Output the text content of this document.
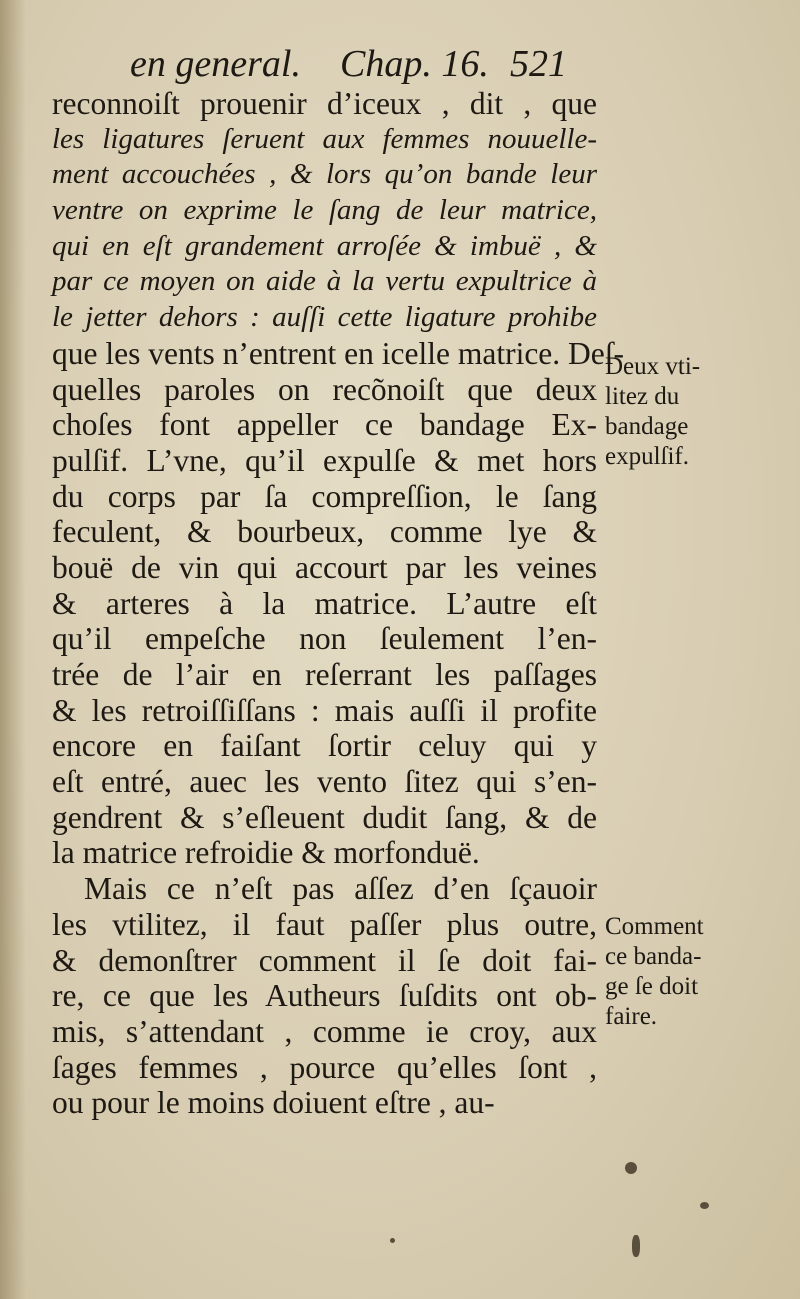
en general. Chap. 16. 521
reconnoiſt prouenir d’iceux , dit , que
les ligatures ſeruent aux femmes nouuelle-
ment accouchées , & lors qu’on bande leur
ventre on exprime le ſang de leur matrice,
qui en eſt grandement arroſée & imbuë , &
par ce moyen on aide à la vertu expultrice à
le jetter dehors : auſſi cette ligature prohibe
que les vents n’entrent en icelle matrice. Deſ-
quelles paroles on recõnoiſt que deux
choſes font appeller ce bandage Ex-
pulſif. L’vne, qu’il expulſe & met hors
du corps par ſa compreſſion, le ſang
feculent, & bourbeux, comme lye &
bouë de vin qui accourt par les veines
& arteres à la matrice. L’autre eſt
qu’il empeſche non ſeulement l’en-
trée de l’air en reſerrant les paſſages
& les retroiſſiſſans : mais auſſi il profite
encore en faiſant ſortir celuy qui y
eſt entré, auec les vento ſitez qui s’en-
gendrent & s’eſleuent dudit ſang, & de
la matrice refroidie & morfonduë.
Mais ce n’eſt pas aſſez d’en ſçauoir
les vtilitez, il faut paſſer plus outre,
& demonſtrer comment il ſe doit fai-
re, ce que les Autheurs ſuſdits ont ob-
mis, s’attendant , comme ie croy, aux
ſages femmes , pource qu’elles ſont ,
ou pour le moins doiuent eſtre , au-
Deux vti-
litez du
bandage
expulſif.
Comment
ce banda-
ge ſe doit
faire.
